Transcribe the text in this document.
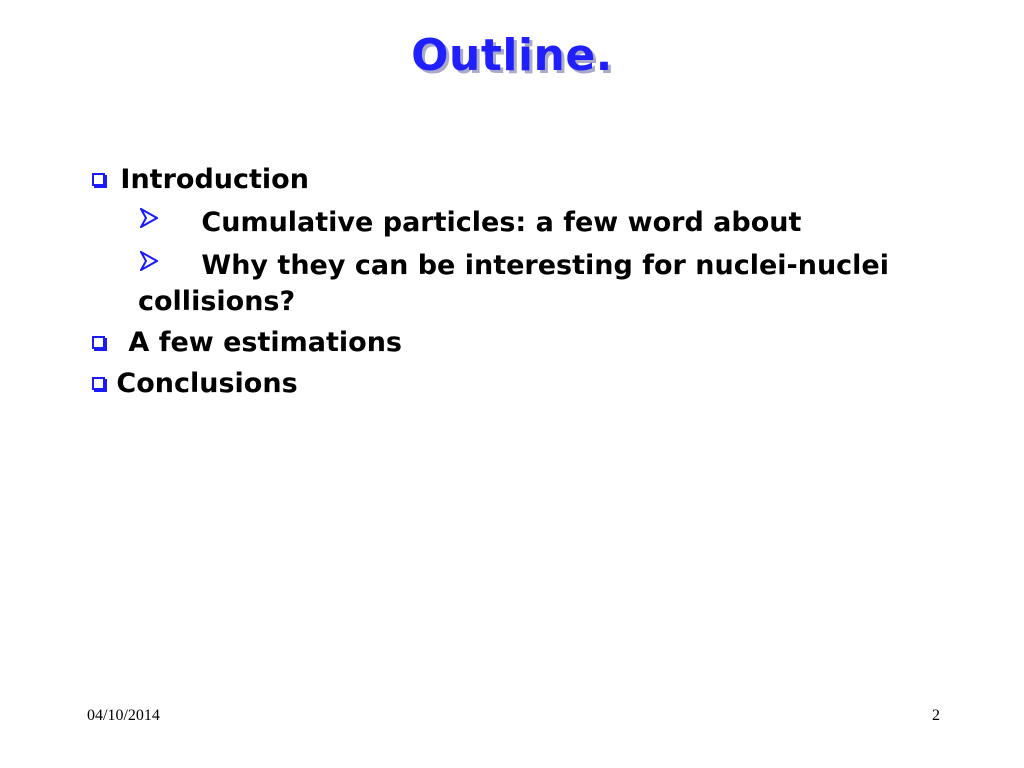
Outline.
Introduction
Cumulative particles: a few word about
Why they can be interesting for nuclei-nuclei
collisions?
A few estimations
Conclusions
04/10/2014	2
